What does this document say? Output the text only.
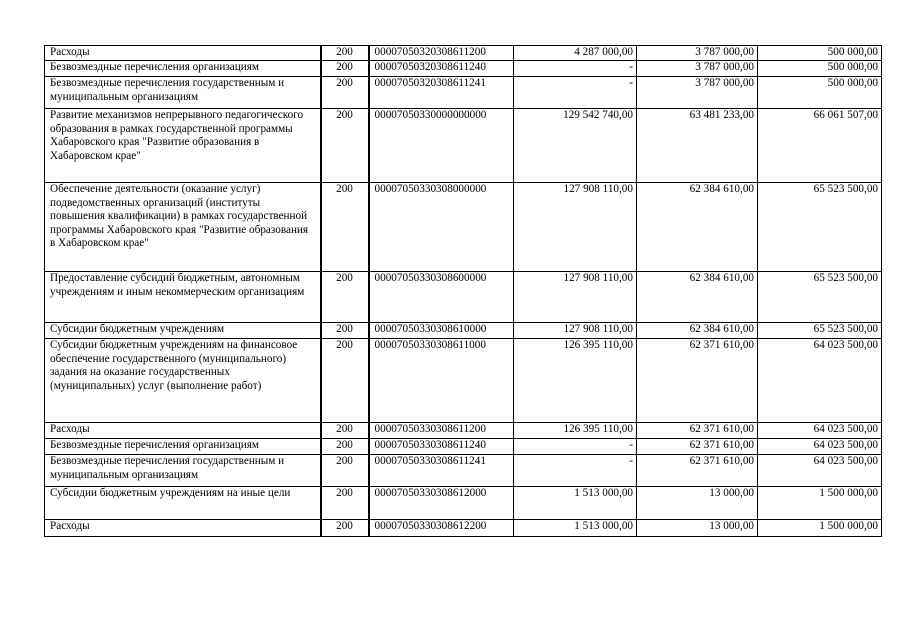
Расходы	200	00007050320308611200	4 287 000,00	3 787 000,00	500 000,00
Безвозмездные перечисления организациям	200	00007050320308611240	-	3 787 000,00	500 000,00
Безвозмездные перечисления государственным и муниципальным организациям	200	00007050320308611241	-	3 787 000,00	500 000,00
Развитие механизмов непрерывного педагогического образования в рамках государственной программы Хабаровского края "Развитие образования в Хабаровском крае"	200	00007050330000000000	129 542 740,00	63 481 233,00	66 061 507,00
Обеспечение деятельности (оказание услуг) подведомственных организаций (институты повышения квалификации) в рамках государственной программы Хабаровского края "Развитие образования в Хабаровском крае"	200	00007050330308000000	127 908 110,00	62 384 610,00	65 523 500,00
Предоставление субсидий бюджетным, автономным учреждениям и иным некоммерческим организациям	200	00007050330308600000	127 908 110,00	62 384 610,00	65 523 500,00
Субсидии бюджетным учреждениям	200	00007050330308610000	127 908 110,00	62 384 610,00	65 523 500,00
Субсидии бюджетным учреждениям на финансовое обеспечение государственного (муниципального) задания на оказание государственных (муниципальных) услуг (выполнение работ)	200	00007050330308611000	126 395 110,00	62 371 610,00	64 023 500,00
Расходы	200	00007050330308611200	126 395 110,00	62 371 610,00	64 023 500,00
Безвозмездные перечисления организациям	200	00007050330308611240	-	62 371 610,00	64 023 500,00
Безвозмездные перечисления государственным и муниципальным организациям	200	00007050330308611241	-	62 371 610,00	64 023 500,00
Субсидии бюджетным учреждениям на иные цели	200	00007050330308612000	1 513 000,00	13 000,00	1 500 000,00
Расходы	200	00007050330308612200	1 513 000,00	13 000,00	1 500 000,00
